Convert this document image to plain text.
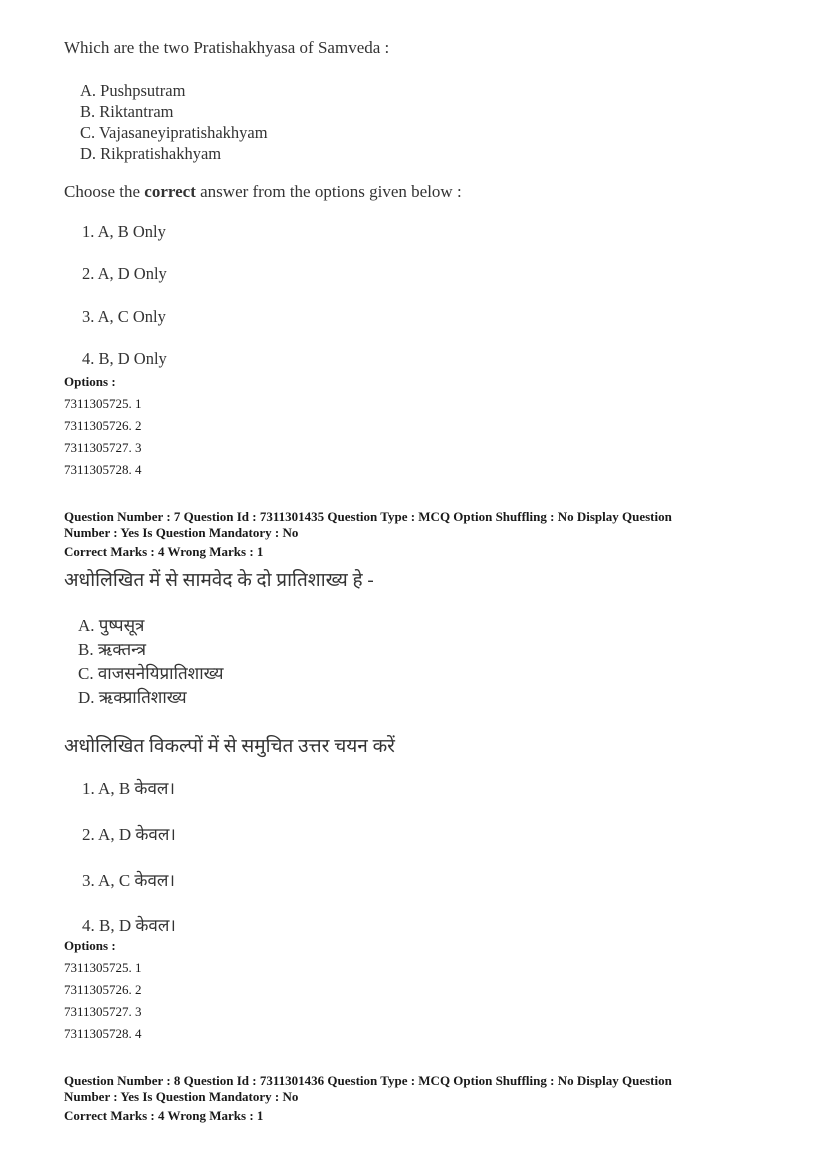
Which are the two Pratishakhyasa of Samveda :
A. Pushpsutram
B. Riktantram
C. Vajasaneyipratishakhyam
D. Rikpratishakhyam
Choose the correct answer from the options given below :
1. A, B Only
2. A, D Only
3. A, C Only
4. B, D Only
Options :
7311305725. 1
7311305726. 2
7311305727. 3
7311305728. 4
Question Number : 7 Question Id : 7311301435 Question Type : MCQ Option Shuffling : No Display Question
Number : Yes Is Question Mandatory : No
Correct Marks : 4 Wrong Marks : 1
अधोलिखित में से सामवेद के दो प्रातिशाख्य हे -
A. पुष्पसूत्र
B. ऋक्तन्त्र
C. वाजसनेयिप्रातिशाख्य
D. ऋक्प्रातिशाख्य
अधोलिखित विकल्पों में से समुचित उत्तर चयन करें
1. A, B केवल।
2. A, D केवल।
3. A, C केवल।
4. B, D केवल।
Options :
7311305725. 1
7311305726. 2
7311305727. 3
7311305728. 4
Question Number : 8 Question Id : 7311301436 Question Type : MCQ Option Shuffling : No Display Question
Number : Yes Is Question Mandatory : No
Correct Marks : 4 Wrong Marks : 1
